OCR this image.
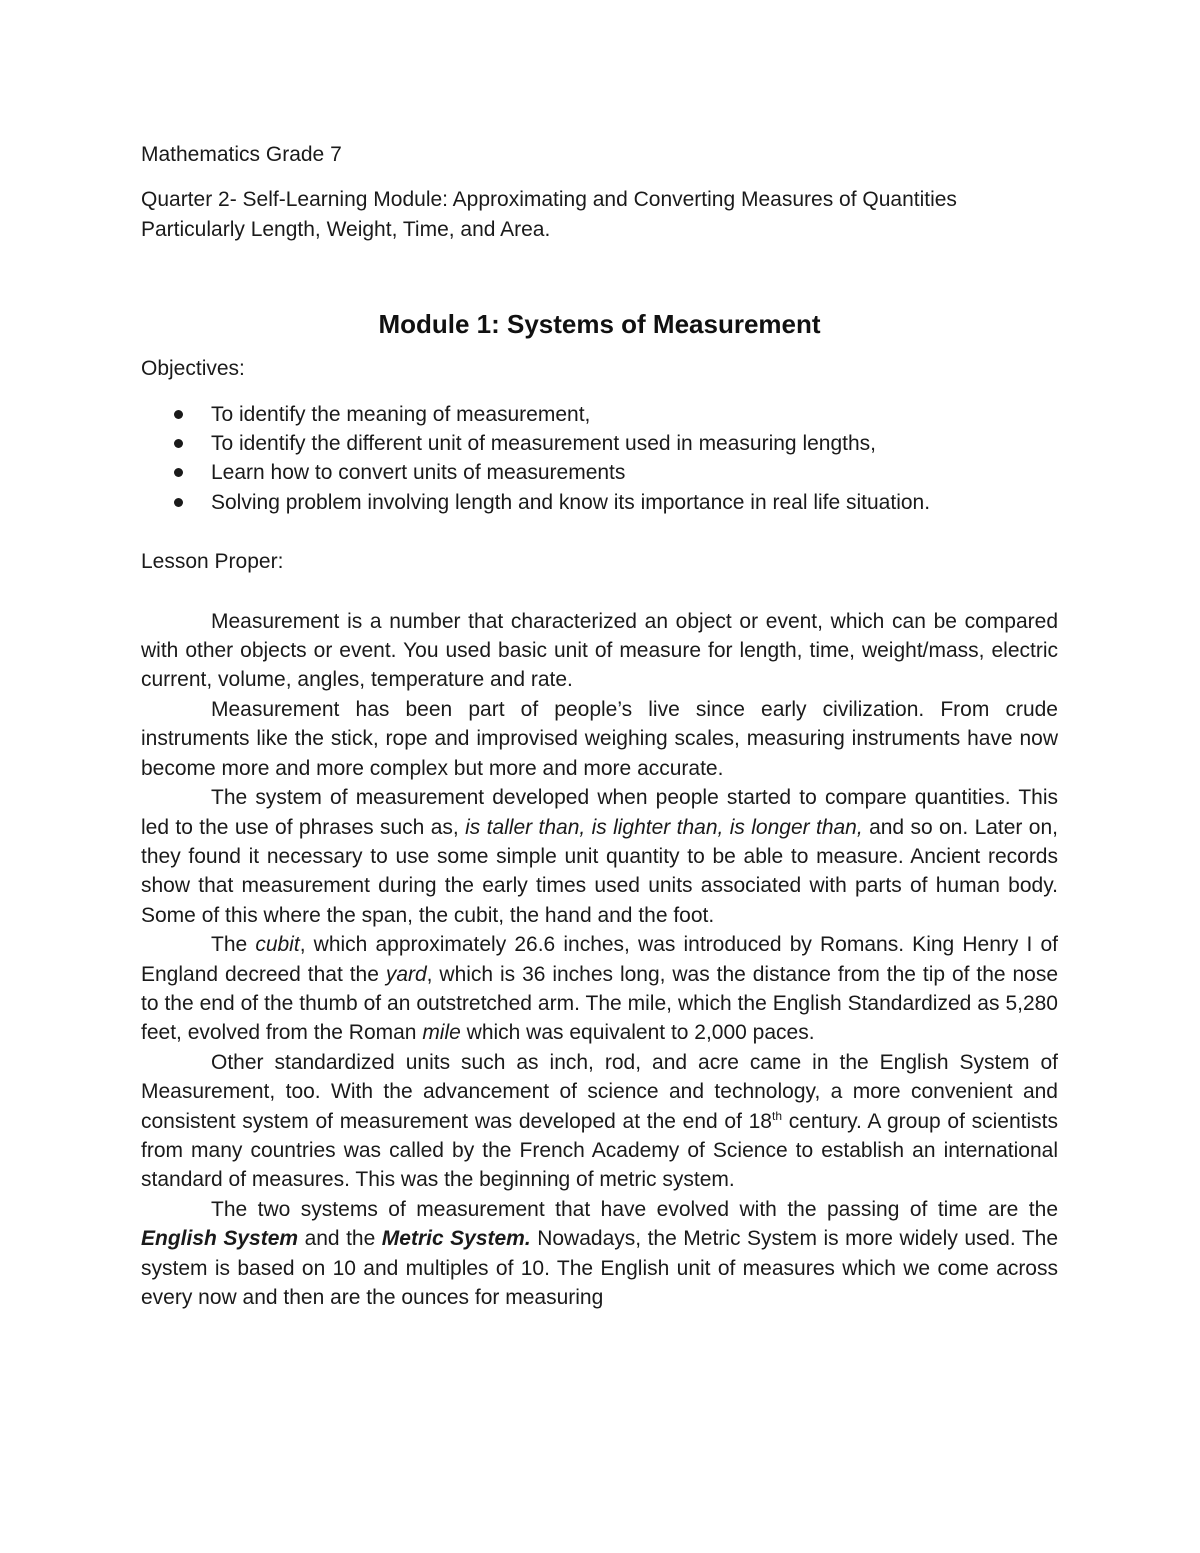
Mathematics Grade 7

Quarter 2- Self-Learning Module: Approximating and Converting Measures of Quantities Particularly Length, Weight, Time, and Area.

Module 1: Systems of Measurement

Objectives:

To identify the meaning of measurement,
To identify the different unit of measurement used in measuring lengths,
Learn how to convert units of measurements
Solving problem involving length and know its importance in real life situation.

Lesson Proper:

Measurement is a number that characterized an object or event, which can be compared with other objects or event. You used basic unit of measure for length, time, weight/mass, electric current, volume, angles, temperature and rate.

Measurement has been part of people’s live since early civilization. From crude instruments like the stick, rope and improvised weighing scales, measuring instruments have now become more and more complex but more and more accurate.

The system of measurement developed when people started to compare quantities. This led to the use of phrases such as, is taller than, is lighter than, is longer than, and so on. Later on, they found it necessary to use some simple unit quantity to be able to measure. Ancient records show that measurement during the early times used units associated with parts of human body. Some of this where the span, the cubit, the hand and the foot.

The cubit, which approximately 26.6 inches, was introduced by Romans. King Henry I of England decreed that the yard, which is 36 inches long, was the distance from the tip of the nose to the end of the thumb of an outstretched arm. The mile, which the English Standardized as 5,280 feet, evolved from the Roman mile which was equivalent to 2,000 paces.

Other standardized units such as inch, rod, and acre came in the English System of Measurement, too. With the advancement of science and technology, a more convenient and consistent system of measurement was developed at the end of 18th century. A group of scientists from many countries was called by the French Academy of Science to establish an international standard of measures. This was the beginning of metric system.

The two systems of measurement that have evolved with the passing of time are the English System and the Metric System. Nowadays, the Metric System is more widely used. The system is based on 10 and multiples of 10. The English unit of measures which we come across every now and then are the ounces for measuring
